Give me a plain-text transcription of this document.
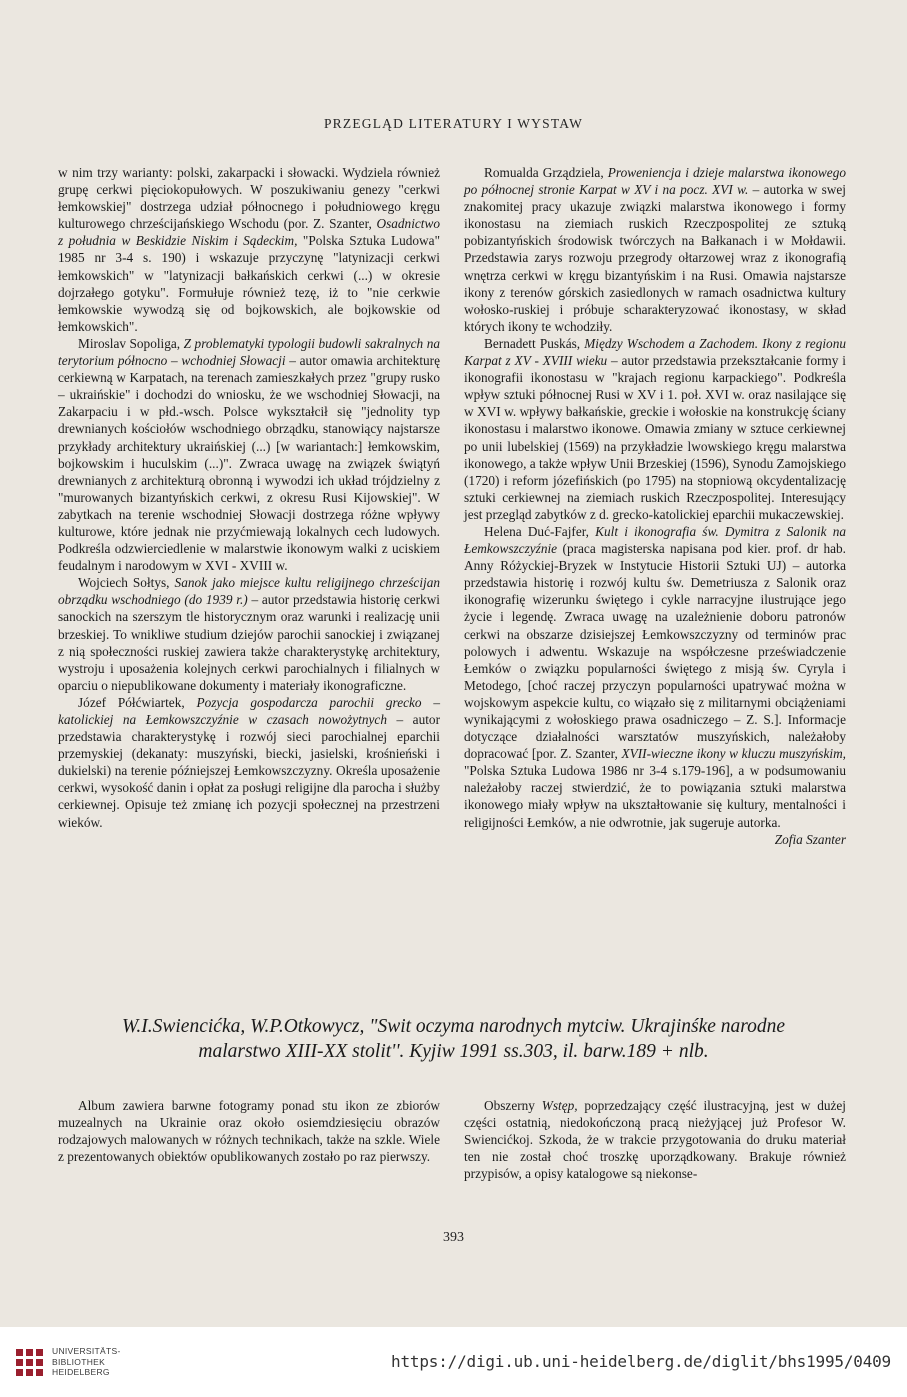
PRZEGLĄD LITERATURY I WYSTAW

w nim trzy warianty: polski, zakarpacki i słowacki. Wydziela również grupę cerkwi pięciokopułowych. W poszukiwaniu genezy "cerkwi łemkowskiej" dostrzega udział północnego i południowego kręgu kulturowego chrześcijańskiego Wschodu (por. Z. Szanter, Osadnictwo z południa w Beskidzie Niskim i Sądeckim, "Polska Sztuka Ludowa" 1985 nr 3-4 s. 190) i wskazuje przyczynę "latynizacji cerkwi łemkowskich" w "latynizacji bałkańskich cerkwi (...) w okresie dojrzałego gotyku". Formułuje również tezę, iż to "nie cerkwie łemkowskie wywodzą się od bojkowskich, ale bojkowskie od łemkowskich".

Miroslav Sopoliga, Z problematyki typologii budowli sakralnych na terytorium północno – wchodniej Słowacji – autor omawia architekturę cerkiewną w Karpatach, na terenach zamieszkałych przez "grupy rusko – ukraińskie" i dochodzi do wniosku, że we wschodniej Słowacji, na Zakarpaciu i w płd.-wsch. Polsce wykształcił się "jednolity typ drewnianych kościołów wschodniego obrządku, stanowiący najstarsze przykłady architektury ukraińskiej (...) [w wariantach:] łemkowskim, bojkowskim i huculskim (...)". Zwraca uwagę na związek świątyń drewnianych z architekturą obronną i wywodzi ich układ trójdzielny z "murowanych bizantyńskich cerkwi, z okresu Rusi Kijowskiej". W zabytkach na terenie wschodniej Słowacji dostrzega różne wpływy kulturowe, które jednak nie przyćmiewają lokalnych cech ludowych. Podkreśla odzwierciedlenie w malarstwie ikonowym walki z uciskiem feudalnym i narodowym w XVI - XVIII w.

Wojciech Sołtys, Sanok jako miejsce kultu religijnego chrześcijan obrządku wschodniego (do 1939 r.) – autor przedstawia historię cerkwi sanockich na szerszym tle historycznym oraz warunki i realizację unii brzeskiej. To wnikliwe studium dziejów parochii sanockiej i związanej z nią społeczności ruskiej zawiera także charakterystykę architektury, wystroju i uposażenia kolejnych cerkwi parochialnych i filialnych w oparciu o niepublikowane dokumenty i materiały ikonograficzne.

Józef Półćwiartek, Pozycja gospodarcza parochii grecko – katolickiej na Łemkowszczyźnie w czasach nowożytnych – autor przedstawia charakterystykę i rozwój sieci parochialnej eparchii przemyskiej (dekanaty: muszyński, biecki, jasielski, krośnieński i dukielski) na terenie późniejszej Łemkowszczyzny. Określa uposażenie cerkwi, wysokość danin i opłat za posługi religijne dla parocha i służby cerkiewnej. Opisuje też zmianę ich pozycji społecznej na przestrzeni wieków.

Romualda Grządziela, Proweniencja i dzieje malarstwa ikonowego po północnej stronie Karpat w XV i na pocz. XVI w. – autorka w swej znakomitej pracy ukazuje związki malarstwa ikonowego i formy ikonostasu na ziemiach ruskich Rzeczpospolitej ze sztuką pobizantyńskich środowisk twórczych na Bałkanach i w Mołdawii. Przedstawia zarys rozwoju przegrody ołtarzowej wraz z ikonografią wnętrza cerkwi w kręgu bizantyńskim i na Rusi. Omawia najstarsze ikony z terenów górskich zasiedlonych w ramach osadnictwa kultury wołosko-ruskiej i próbuje scharakteryzować ikonostasy, w skład których ikony te wchodziły.

Bernadett Puskás, Między Wschodem a Zachodem. Ikony z regionu Karpat z XV - XVIII wieku – autor przedstawia przekształcanie formy i ikonografii ikonostasu w "krajach regionu karpackiego". Podkreśla wpływ sztuki północnej Rusi w XV i 1. poł. XVI w. oraz nasilające się w XVI w. wpływy bałkańskie, greckie i wołoskie na konstrukcję ściany ikonostasu i malarstwo ikonowe. Omawia zmiany w sztuce cerkiewnej po unii lubelskiej (1569) na przykładzie lwowskiego kręgu malarstwa ikonowego, a także wpływ Unii Brzeskiej (1596), Synodu Zamojskiego (1720) i reform józefińskich (po 1795) na stopniową okcydentalizację sztuki cerkiewnej na ziemiach ruskich Rzeczpospolitej. Interesujący jest przegląd zabytków z d. grecko-katolickiej eparchii mukaczewskiej.

Helena Duć-Fajfer, Kult i ikonografia św. Dymitra z Salonik na Łemkowszczyźnie (praca magisterska napisana pod kier. prof. dr hab. Anny Różyckiej-Bryzek w Instytucie Historii Sztuki UJ) – autorka przedstawia historię i rozwój kultu św. Demetriusza z Salonik oraz ikonografię wizerunku świętego i cykle narracyjne ilustrujące jego życie i legendę. Zwraca uwagę na uzależnienie doboru patronów cerkwi na obszarze dzisiejszej Łemkowszczyzny od terminów prac polowych i adwentu. Wskazuje na współczesne przeświadczenie Łemków o związku popularności świętego z misją św. Cyryla i Metodego, [choć raczej przyczyn popularności upatrywać można w wojskowym aspekcie kultu, co wiązało się z militarnymi obciążeniami wynikającymi z wołoskiego prawa osadniczego – Z. S.]. Informacje dotyczące działalności warsztatów muszyńskich, należałoby dopracować [por. Z. Szanter, XVII-wieczne ikony w kluczu muszyńskim, "Polska Sztuka Ludowa 1986 nr 3-4 s.179-196], a w podsumowaniu należałoby raczej stwierdzić, że to powiązania sztuki malarstwa ikonowego miały wpływ na ukształtowanie się kultury, mentalności i religijności Łemków, a nie odwrotnie, jak sugeruje autorka.

Zofia Szanter

W.I.Swiencićka, W.P.Otkowycz, "Swit oczyma narodnych mytciw. Ukrajinśke narodne
malarstwo XIII-XX stolit''. Kyjiw 1991 ss.303, il. barw.189 + nlb.

Album zawiera barwne fotogramy ponad stu ikon ze zbiorów muzealnych na Ukrainie oraz około osiemdziesięciu obrazów rodzajowych malowanych w różnych technikach, także na szkle. Wiele z prezentowanych obiektów opublikowanych zostało po raz pierwszy.

Obszerny Wstęp, poprzedzający część ilustracyjną, jest w dużej części ostatnią, niedokończoną pracą nieżyjącej już Profesor W. Swiencićkoj. Szkoda, że w trakcie przygotowania do druku materiał ten nie został choć troszkę uporządkowany. Brakuje również przypisów, a opisy katalogowe są niekonse-

393
UNIVERSITÄTS-
BIBLIOTHEK
HEIDELBERG
https://digi.ub.uni-heidelberg.de/diglit/bhs1995/0409
